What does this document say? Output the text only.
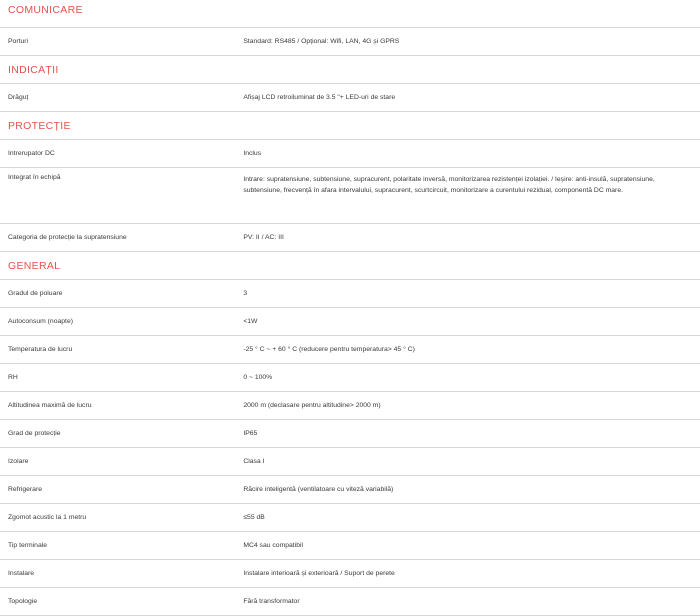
COMUNICARE
Porturi	Standard: RS485 / Opțional: Wifi, LAN, 4G și GPRS
INDICAȚII
Drăguț	Afișaj LCD retroiluminat de 3.5 "+ LED-uri de stare
PROTECȚIE
Intrerupator DC	Inclus
Integrat în echipă	Intrare: supratensiune, subtensiune, supracurent, polaritate inversă, monitorizarea rezistenței izolației. / Ieșire: anti-insulă, supratensiune, subtensiune, frecvență în afara intervalului, supracurent, scurtcircuit, monitorizare a curentului rezidual, componentă DC mare.
Categoria de protecție la supratensiune	PV: II / AC: III
GENERAL
Gradul de poluare	3
Autoconsum (noapte)	<1W
Temperatura de lucru	-25 ° C ~ + 60 ° C (reducere pentru temperatura> 45 ° C)
RH	0 ~ 100%
Altitudinea maximă de lucru	2000 m (declasare pentru altitudine> 2000 m)
Grad de protecție	IP65
Izolare	Clasa I
Refrigerare	Răcire inteligentă (ventilatoare cu viteză variabilă)
Zgomot acustic la 1 metru	≤55 dB
Tip terminale	MC4 sau compatibil
Instalare	Instalare interioară și exterioară / Suport de perete
Topologie	Fără transformator
